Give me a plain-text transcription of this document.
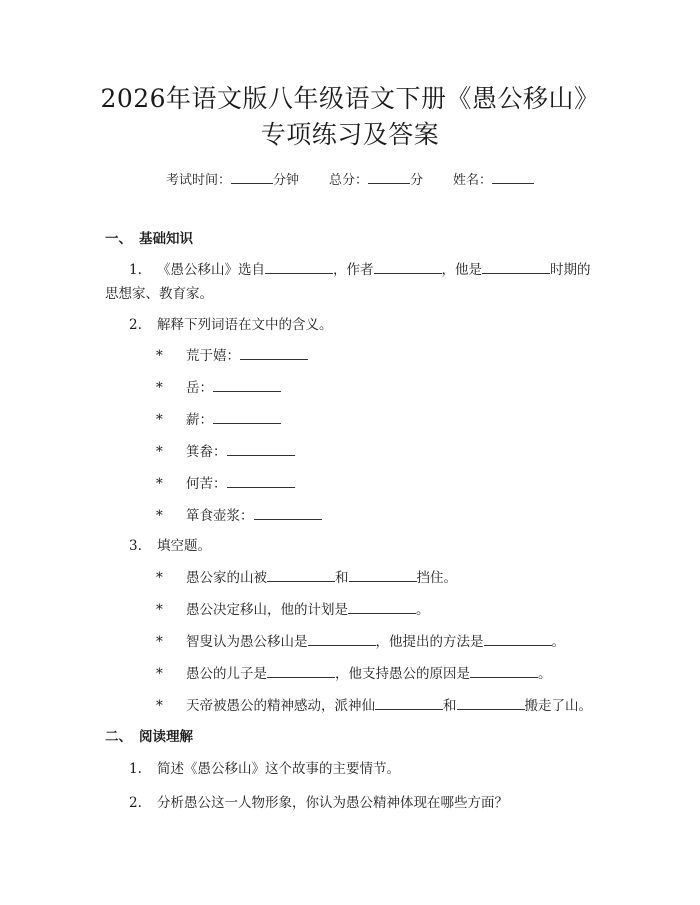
2026年语文版八年级语文下册《愚公移山》
专项练习及答案
考试时间：	分钟 总分：	分 姓名：
一、 基础知识
1. 《愚公移山》选自	，作者	，他是	时期的
思想家、教育家。
2. 解释下列词语在文中的含义。
* 荒于嬉：
* 岳：
* 薪：
* 箕畚：
* 何苦：
* 箪食壶浆：
3. 填空题。
* 愚公家的山被	和	挡住。
* 愚公决定移山，他的计划是	。
* 智叟认为愚公移山是	，他提出的方法是	。
* 愚公的儿子是	，他支持愚公的原因是	。
* 天帝被愚公的精神感动，派神仙	和	搬走了山。
二、 阅读理解
1. 简述《愚公移山》这个故事的主要情节。
2. 分析愚公这一人物形象，你认为愚公精神体现在哪些方面？
